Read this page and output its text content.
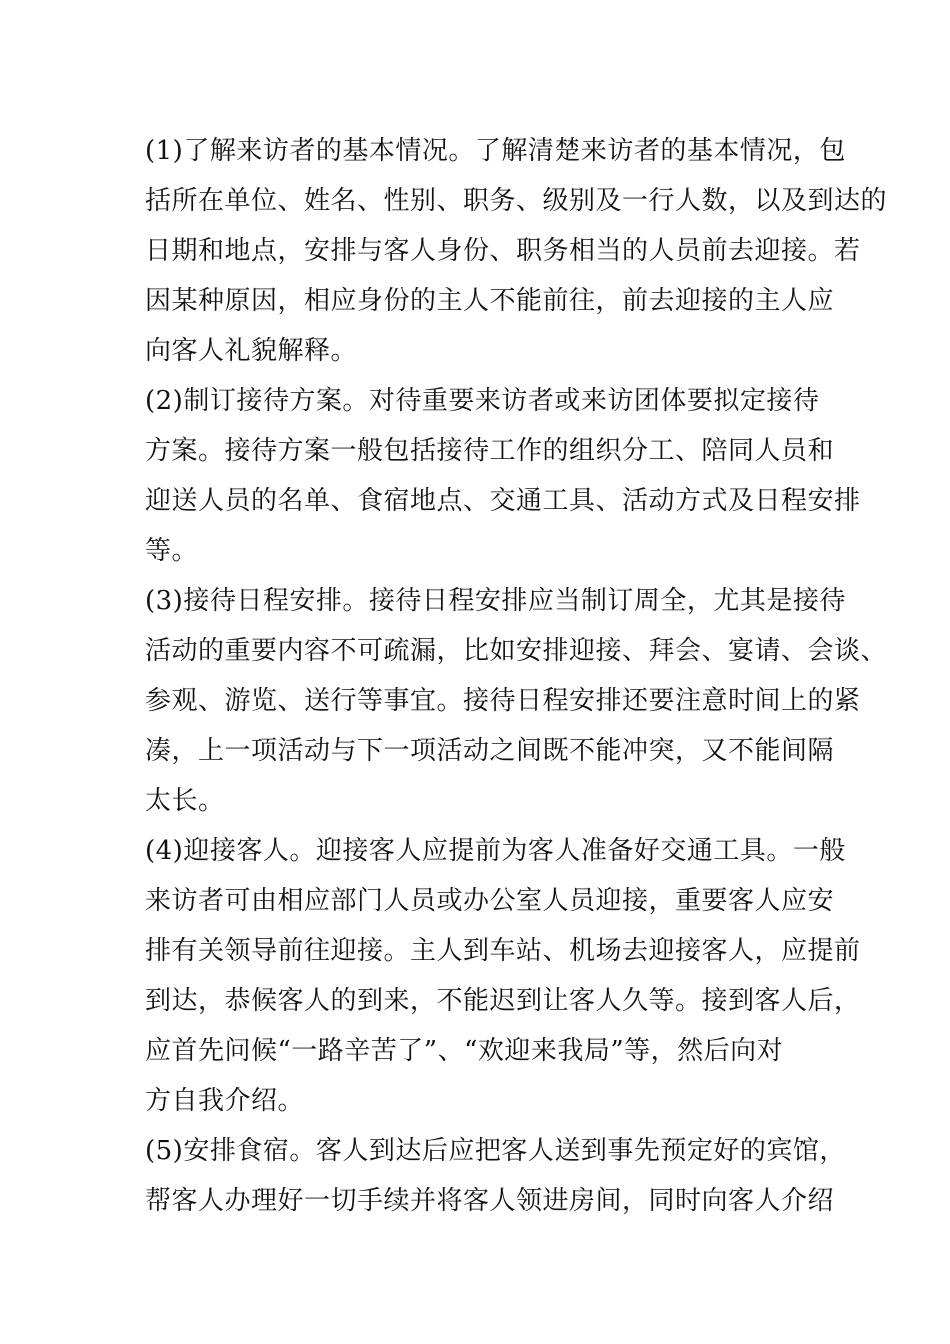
(1)了解来访者的基本情况。了解清楚来访者的基本情况，包
括所在单位、姓名、性别、职务、级别及一行人数，以及到达的
日期和地点，安排与客人身份、职务相当的人员前去迎接。若
因某种原因，相应身份的主人不能前往，前去迎接的主人应
向客人礼貌解释。

(2)制订接待方案。对待重要来访者或来访团体要拟定接待
方案。接待方案一般包括接待工作的组织分工、陪同人员和
迎送人员的名单、食宿地点、交通工具、活动方式及日程安排
等。

(3)接待日程安排。接待日程安排应当制订周全，尤其是接待
活动的重要内容不可疏漏，比如安排迎接、拜会、宴请、会谈、
参观、游览、送行等事宜。接待日程安排还要注意时间上的紧
凑，上一项活动与下一项活动之间既不能冲突，又不能间隔
太长。

(4)迎接客人。迎接客人应提前为客人准备好交通工具。一般
来访者可由相应部门人员或办公室人员迎接，重要客人应安
排有关领导前往迎接。主人到车站、机场去迎接客人，应提前
到达，恭候客人的到来，不能迟到让客人久等。接到客人后，
应首先问候“一路辛苦了”、“欢迎来我局”等，然后向对
方自我介绍。

(5)安排食宿。客人到达后应把客人送到事先预定好的宾馆，
帮客人办理好一切手续并将客人领进房间，同时向客人介绍
